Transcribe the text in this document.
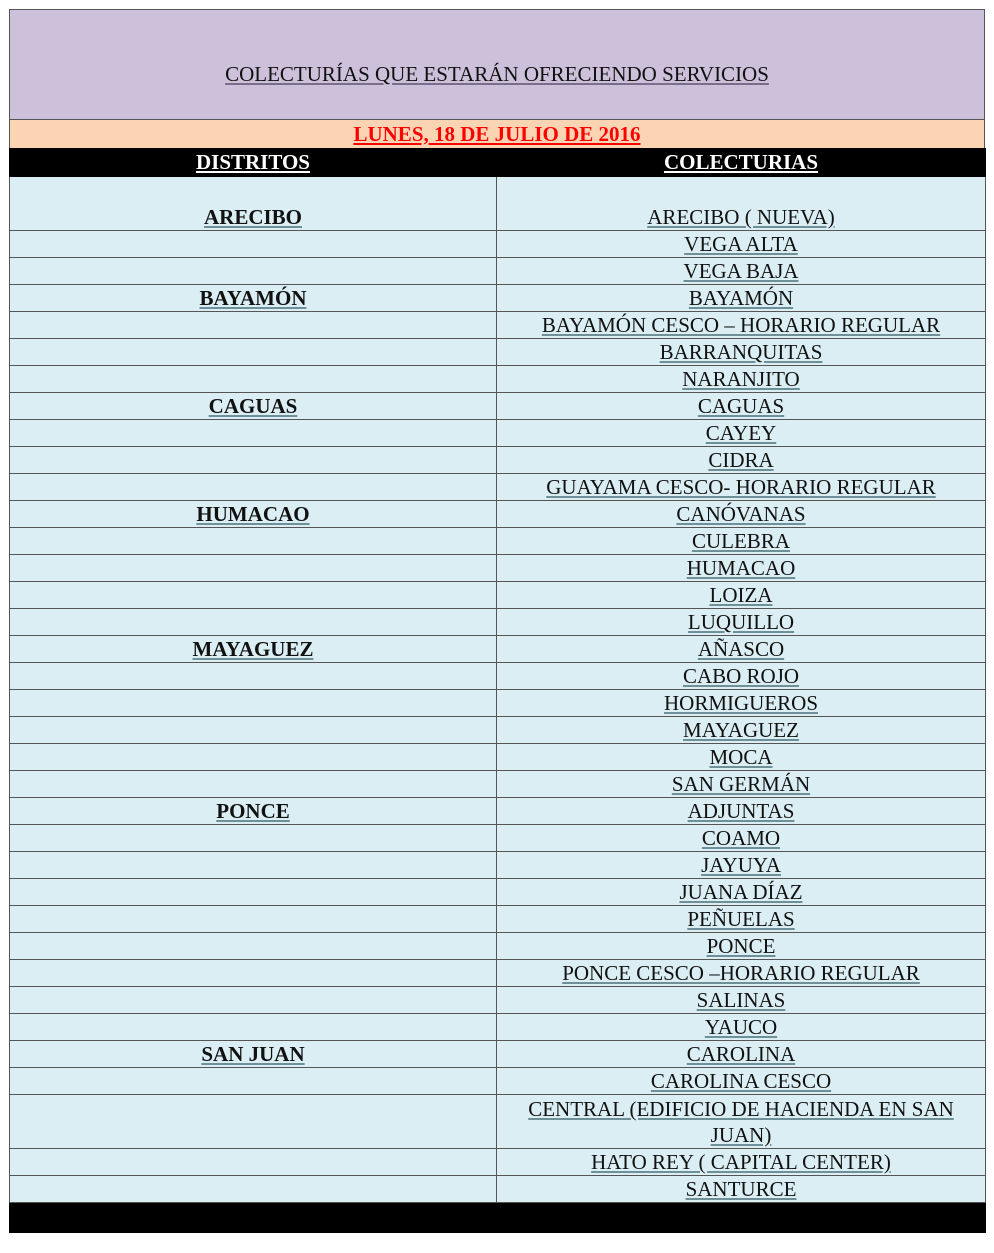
COLECTURÍAS QUE ESTARÁN OFRECIENDO SERVICIOS
LUNES, 18 DE JULIO DE 2016
DISTRITOS	COLECTURIAS
ARECIBO	ARECIBO ( NUEVA)
	VEGA ALTA
	VEGA BAJA
BAYAMÓN	BAYAMÓN
	BAYAMÓN CESCO – HORARIO REGULAR
	BARRANQUITAS
	NARANJITO
CAGUAS	CAGUAS
	CAYEY
	CIDRA
	GUAYAMA CESCO- HORARIO REGULAR
HUMACAO	CANÓVANAS
	CULEBRA
	HUMACAO
	LOIZA
	LUQUILLO
MAYAGUEZ	AÑASCO
	CABO ROJO
	HORMIGUEROS
	MAYAGUEZ
	MOCA
	SAN GERMÁN
PONCE	ADJUNTAS
	COAMO
	JAYUYA
	JUANA DÍAZ
	PEÑUELAS
	PONCE
	PONCE CESCO –HORARIO REGULAR
	SALINAS
	YAUCO
SAN JUAN	CAROLINA
	CAROLINA CESCO
	CENTRAL (EDIFICIO DE HACIENDA EN SAN JUAN)
	HATO REY ( CAPITAL CENTER)
	SANTURCE
